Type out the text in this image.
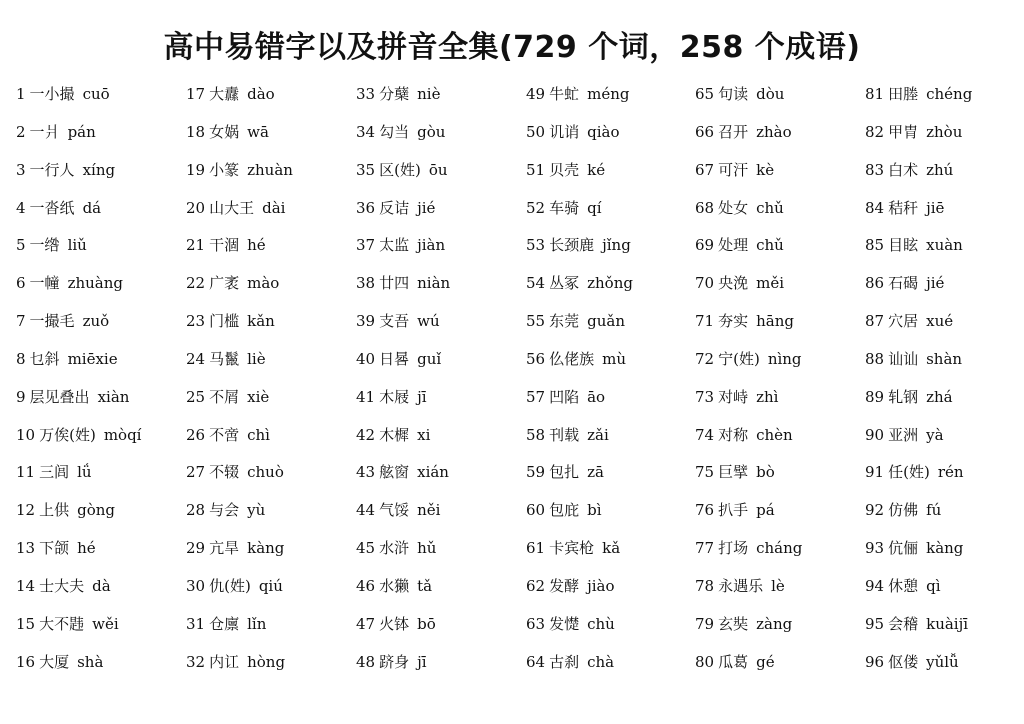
高中易错字以及拼音全集(729 个词，258 个成语)
1 一小撮 cuō
2 一爿 pán
3 一行人 xíng
4 一沓纸 dá
5 一绺 liǔ
6 一幢 zhuàng
7 一撮毛 zuǒ
8 乜斜 miēxie
9 层见叠出 xiàn
10 万俟(姓) mòqí
11 三闾 lǘ
12 上供 gòng
13 下颌 hé
14 士大夫 dà
15 大不韪 wěi
16 大厦 shà
17 大纛 dào
18 女娲 wā
19 小篆 zhuàn
20 山大王 dài
21 干涸 hé
22 广袤 mào
23 门槛 kǎn
24 马鬣 liè
25 不屑 xiè
26 不啻 chì
27 不辍 chuò
28 与会 yù
29 亢旱 kàng
30 仇(姓) qiú
31 仓廪 lǐn
32 内讧 hòng
33 分蘖 niè
34 勾当 gòu
35 区(姓) ōu
36 反诘 jié
37 太监 jiàn
38 廿四 niàn
39 支吾 wú
40 日晷 guǐ
41 木屐 jī
42 木樨 xi
43 舷窗 xián
44 气馁 něi
45 水浒 hǔ
46 水獭 tǎ
47 火钵 bō
48 跻身 jī
49 牛虻 méng
50 讥诮 qiào
51 贝壳 ké
52 车骑 qí
53 长颈鹿 jǐng
54 丛冢 zhǒng
55 东莞 guǎn
56 仫佬族 mù
57 凹陷 āo
58 刊载 zǎi
59 包扎 zā
60 包庇 bì
61 卡宾枪 kǎ
62 发酵 jiào
63 发憷 chù
64 古刹 chà
65 句读 dòu
66 召开 zhào
67 可汗 kè
68 处女 chǔ
69 处理 chǔ
70 央浼 měi
71 夯实 hāng
72 宁(姓) nìng
73 对峙 zhì
74 对称 chèn
75 巨擘 bò
76 扒手 pá
77 打场 cháng
78 永遇乐 lè
79 玄奘 zàng
80 瓜葛 gé
81 田塍 chéng
82 甲胄 zhòu
83 白术 zhú
84 秸秆 jiē
85 目眩 xuàn
86 石碣 jié
87 穴居 xué
88 讪讪 shàn
89 轧钢 zhá
90 亚洲 yà
91 任(姓) rén
92 仿佛 fú
93 伉俪 kàng
94 休憩 qì
95 会稽 kuàijī
96 伛偻 yǔlǚ
